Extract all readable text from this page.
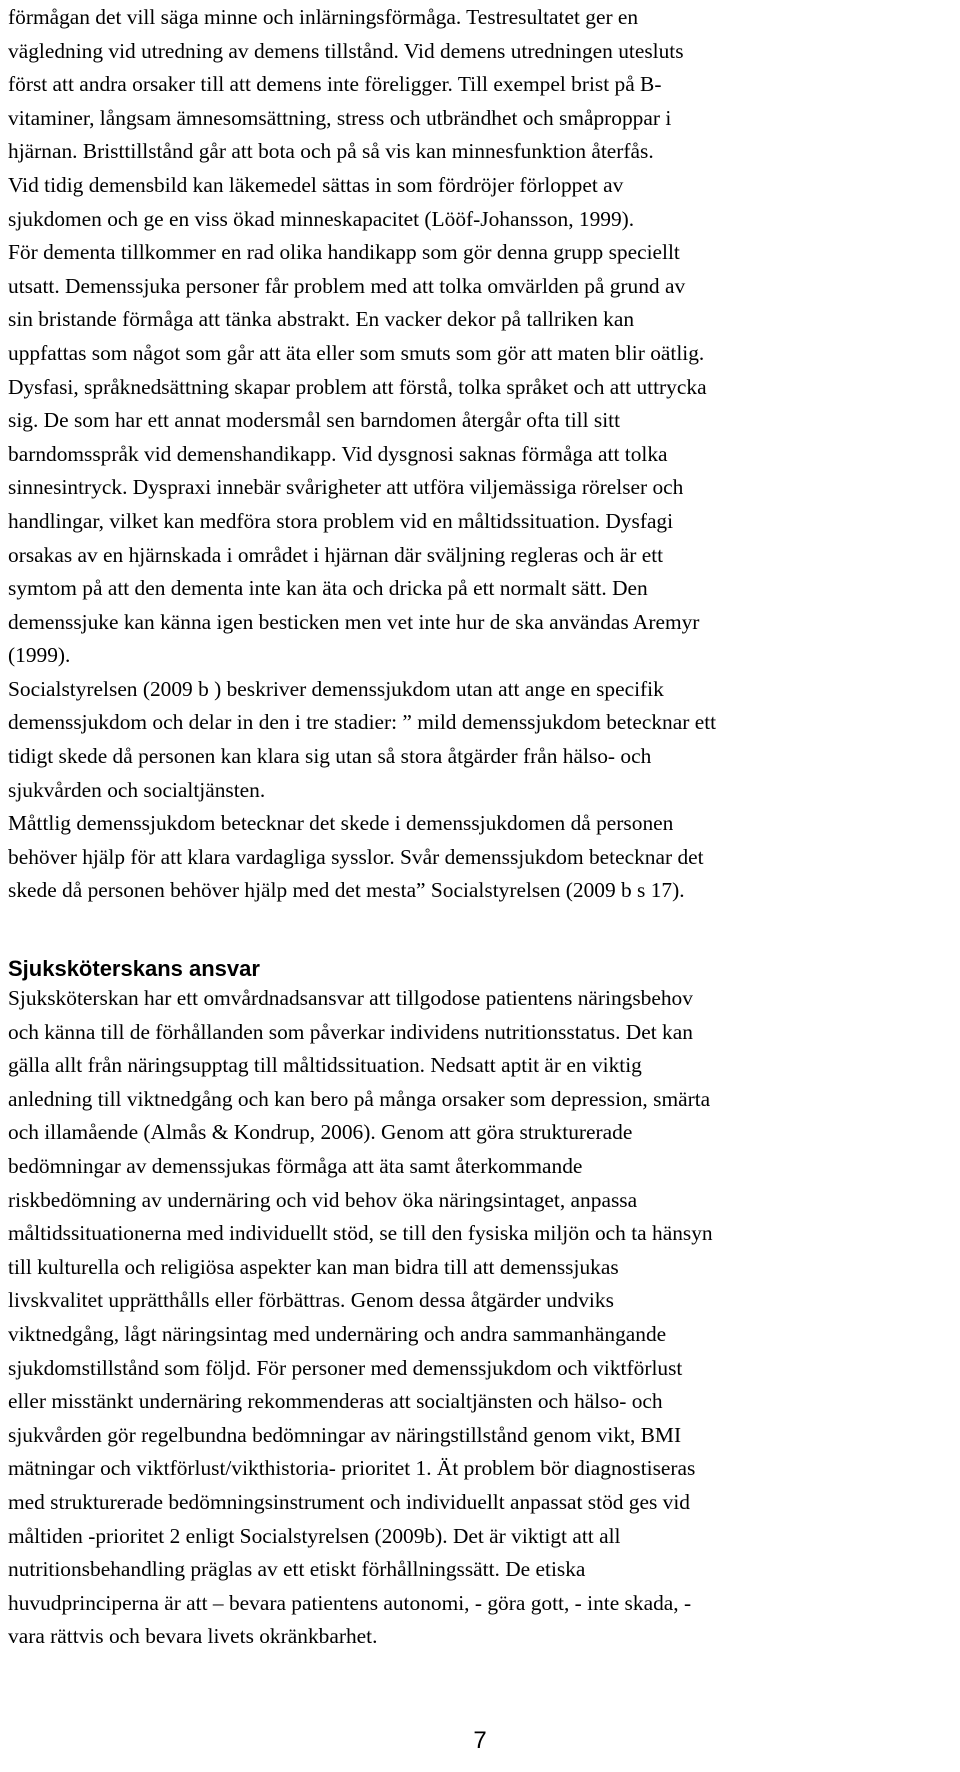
förmågan det vill säga minne och inlärningsförmåga. Testresultatet ger en
vägledning vid utredning av demens tillstånd. Vid demens utredningen utesluts
först att andra orsaker till att demens inte föreligger. Till exempel brist på B-
vitaminer, långsam ämnesomsättning, stress och utbrändhet och småproppar i
hjärnan. Bristtillstånd går att bota och på så vis kan minnesfunktion återfås.
Vid tidig demensbild kan läkemedel sättas in som fördröjer förloppet av
sjukdomen och ge en viss ökad minneskapacitet (Lööf-Johansson, 1999).
För dementa tillkommer en rad olika handikapp som gör denna grupp speciellt
utsatt. Demenssjuka personer får problem med att tolka omvärlden på grund av
sin bristande förmåga att tänka abstrakt. En vacker dekor på tallriken kan
uppfattas som något som går att äta eller som smuts som gör att maten blir oätlig.
Dysfasi, språknedsättning skapar problem att förstå, tolka språket och att uttrycka
sig. De som har ett annat modersmål sen barndomen återgår ofta till sitt
barndomsspråk vid demenshandikapp. Vid dysgnosi saknas förmåga att tolka
sinnesintryck. Dyspraxi innebär svårigheter att utföra viljemässiga rörelser och
handlingar, vilket kan medföra stora problem vid en måltidssituation. Dysfagi
orsakas av en hjärnskada i området i hjärnan där sväljning regleras och är ett
symtom på att den dementa inte kan äta och dricka på ett normalt sätt. Den
demenssjuke kan känna igen besticken men vet inte hur de ska användas Aremyr
(1999).
Socialstyrelsen (2009 b ) beskriver demenssjukdom utan att ange en specifik
demenssjukdom och delar in den i tre stadier: ” mild demenssjukdom betecknar ett
tidigt skede då personen kan klara sig utan så stora åtgärder från hälso- och
sjukvården och socialtjänsten.
Måttlig demenssjukdom betecknar det skede i demenssjukdomen då personen
behöver hjälp för att klara vardagliga sysslor. Svår demenssjukdom betecknar det
skede då personen behöver hjälp med det mesta” Socialstyrelsen (2009 b s 17).
Sjuksköterskans ansvar
Sjuksköterskan har ett omvårdnadsansvar att tillgodose patientens näringsbehov
och känna till de förhållanden som påverkar individens nutritionsstatus. Det kan
gälla allt från näringsupptag till måltidssituation. Nedsatt aptit är en viktig
anledning till viktnedgång och kan bero på många orsaker som depression, smärta
och illamående (Almås & Kondrup, 2006). Genom att göra strukturerade
bedömningar av demenssjukas förmåga att äta samt återkommande
riskbedömning av undernäring och vid behov öka näringsintaget, anpassa
måltidssituationerna med individuellt stöd, se till den fysiska miljön och ta hänsyn
till kulturella och religiösa aspekter kan man bidra till att demenssjukas
livskvalitet upprätthålls eller förbättras. Genom dessa åtgärder undviks
viktnedgång, lågt näringsintag med undernäring och andra sammanhängande
sjukdomstillstånd som följd. För personer med demenssjukdom och viktförlust
eller misstänkt undernäring rekommenderas att socialtjänsten och hälso- och
sjukvården gör regelbundna bedömningar av näringstillstånd genom vikt, BMI
mätningar och viktförlust/vikthistoria- prioritet 1. Ät problem bör diagnostiseras
med strukturerade bedömningsinstrument och individuellt anpassat stöd ges vid
måltiden -prioritet 2 enligt Socialstyrelsen (2009b). Det är viktigt att all
nutritionsbehandling präglas av ett etiskt förhållningssätt. De etiska
huvudprinciperna är att – bevara patientens autonomi, - göra gott, - inte skada, -
vara rättvis och bevara livets okränkbarhet.
7
